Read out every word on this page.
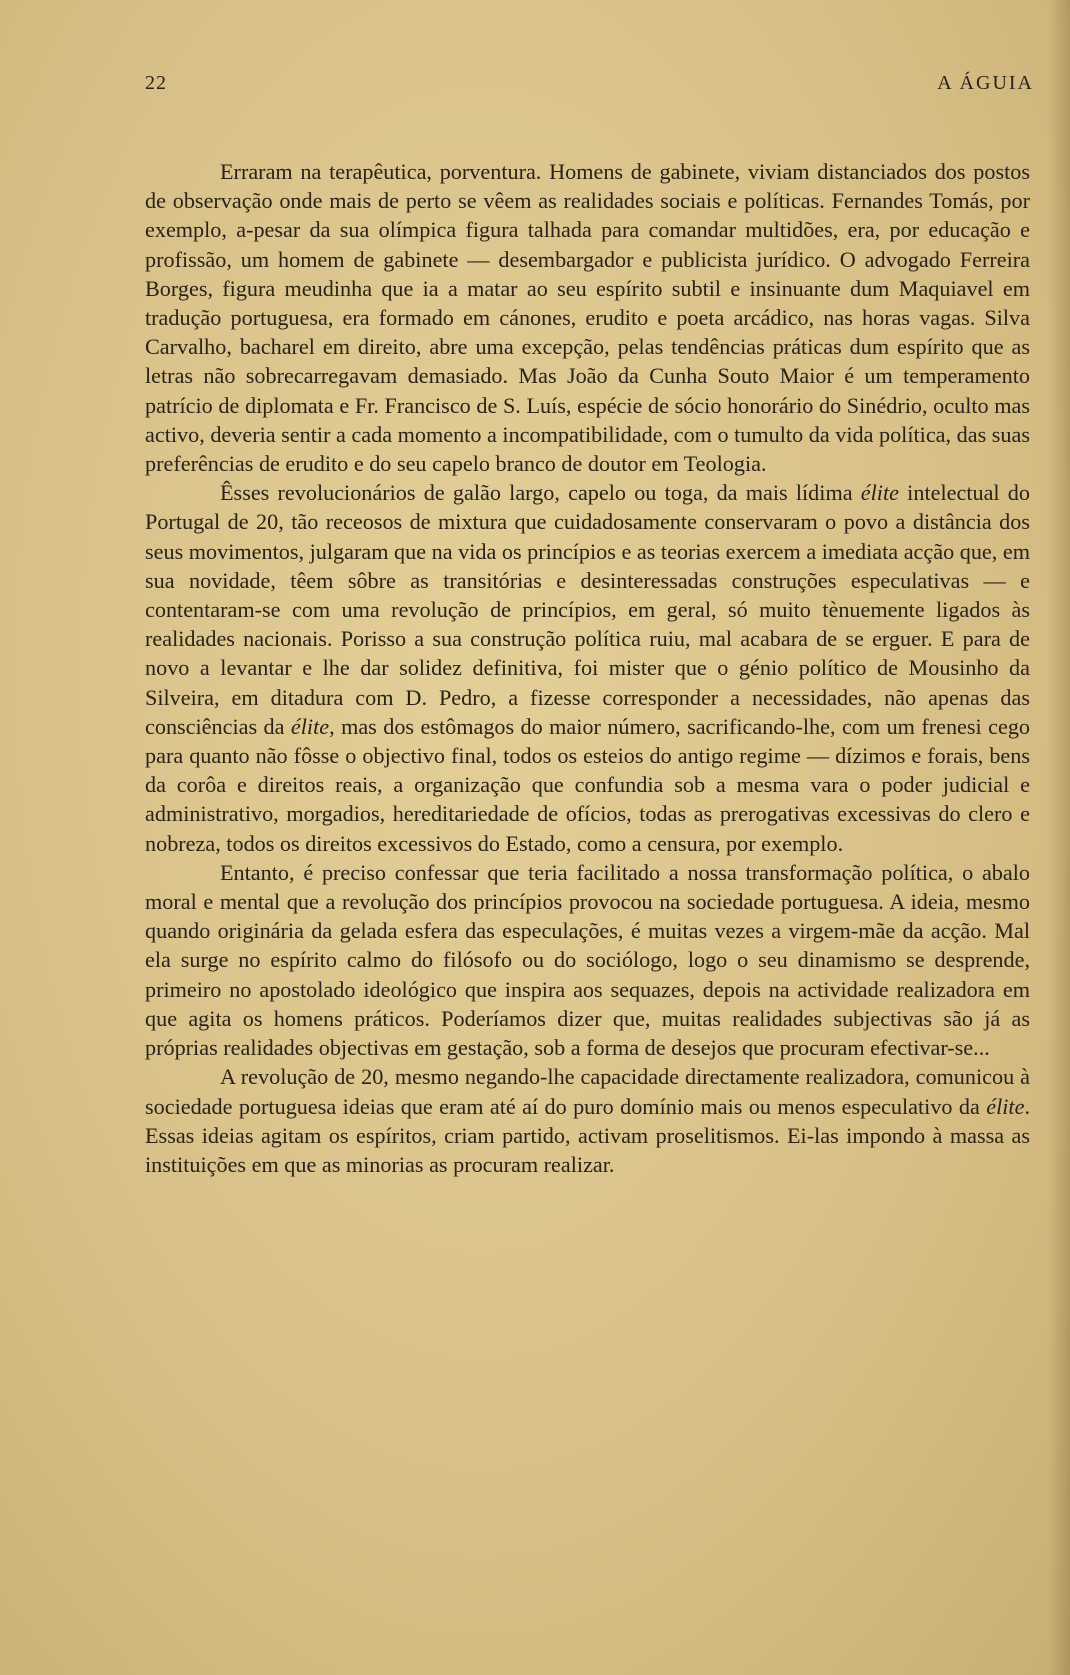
22	A ÁGUIA

Erraram na terapêutica, porventura. Homens de gabinete, viviam distanciados dos postos de observação onde mais de perto se vêem as realidades sociais e políticas. Fernandes Tomás, por exemplo, a-pesar da sua olímpica figura talhada para comandar multidões, era, por educação e profissão, um homem de gabinete — desembargador e publicista jurídico. O advogado Ferreira Borges, figura meudinha que ia a matar ao seu espírito subtil e insinuante dum Maquiavel em tradução portuguesa, era formado em cánones, erudito e poeta arcádico, nas horas vagas. Silva Carvalho, bacharel em direito, abre uma excepção, pelas tendências práticas dum espírito que as letras não sobrecarregavam demasiado. Mas João da Cunha Souto Maior é um temperamento patrício de diplomata e Fr. Francisco de S. Luís, espécie de sócio honorário do Sinédrio, oculto mas activo, deveria sentir a cada momento a incompatibilidade, com o tumulto da vida política, das suas preferências de erudito e do seu capelo branco de doutor em Teologia.

Êsses revolucionários de galão largo, capelo ou toga, da mais lídima élite intelectual do Portugal de 20, tão receosos de mixtura que cuidadosamente conservaram o povo a distância dos seus movimentos, julgaram que na vida os princípios e as teorias exercem a imediata acção que, em sua novidade, têem sôbre as transitórias e desinteressadas construções especulativas — e contentaram-se com uma revolução de princípios, em geral, só muito tènuemente ligados às realidades nacionais. Porisso a sua construção política ruiu, mal acabara de se erguer. E para de novo a levantar e lhe dar solidez definitiva, foi mister que o génio político de Mousinho da Silveira, em ditadura com D. Pedro, a fizesse corresponder a necessidades, não apenas das consciências da élite, mas dos estômagos do maior número, sacrificando-lhe, com um frenesi cego para quanto não fôsse o objectivo final, todos os esteios do antigo regime — dízimos e forais, bens da corôa e direitos reais, a organização que confundia sob a mesma vara o poder judicial e administrativo, morgadios, hereditariedade de ofícios, todas as prerogativas excessivas do clero e nobreza, todos os direitos excessivos do Estado, como a censura, por exemplo.

Entanto, é preciso confessar que teria facilitado a nossa transformação política, o abalo moral e mental que a revolução dos princípios provocou na sociedade portuguesa. A ideia, mesmo quando originária da gelada esfera das especulações, é muitas vezes a virgem-mãe da acção. Mal ela surge no espírito calmo do filósofo ou do sociólogo, logo o seu dinamismo se desprende, primeiro no apostolado ideológico que inspira aos sequazes, depois na actividade realizadora em que agita os homens práticos. Poderíamos dizer que, muitas realidades subjectivas são já as próprias realidades objectivas em gestação, sob a forma de desejos que procuram efectivar-se...

A revolução de 20, mesmo negando-lhe capacidade directamente realizadora, comunicou à sociedade portuguesa ideias que eram até aí do puro domínio mais ou menos especulativo da élite. Essas ideias agitam os espíritos, criam partido, activam proselitismos. Ei-las impondo à massa as instituições em que as minorias as procuram realizar.
